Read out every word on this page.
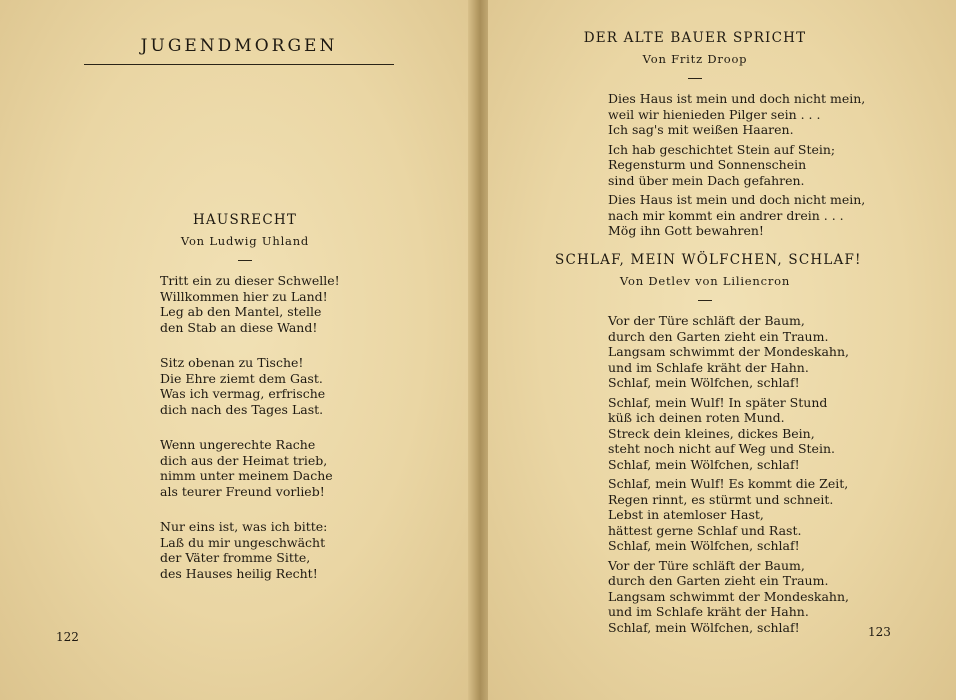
JUGENDMORGEN
HAUSRECHT
Von Ludwig Uhland
Tritt ein zu dieser Schwelle!
Willkommen hier zu Land!
Leg ab den Mantel, stelle
den Stab an diese Wand!
Sitz obenan zu Tische!
Die Ehre ziemt dem Gast.
Was ich vermag, erfrische
dich nach des Tages Last.
Wenn ungerechte Rache
dich aus der Heimat trieb,
nimm unter meinem Dache
als teurer Freund vorlieb!
Nur eins ist, was ich bitte:
Laß du mir ungeschwächt
der Väter fromme Sitte,
des Hauses heilig Recht!
122
DER ALTE BAUER SPRICHT
Von Fritz Droop
Dies Haus ist mein und doch nicht mein,
weil wir hienieden Pilger sein . . .
Ich sag's mit weißen Haaren.
Ich hab geschichtet Stein auf Stein;
Regensturm und Sonnenschein
sind über mein Dach gefahren.
Dies Haus ist mein und doch nicht mein,
nach mir kommt ein andrer drein . . .
Mög ihn Gott bewahren!
SCHLAF, MEIN WÖLFCHEN, SCHLAF!
Von Detlev von Liliencron
Vor der Türe schläft der Baum,
durch den Garten zieht ein Traum.
Langsam schwimmt der Mondeskahn,
und im Schlafe kräht der Hahn.
Schlaf, mein Wölfchen, schlaf!
Schlaf, mein Wulf! In später Stund
küß ich deinen roten Mund.
Streck dein kleines, dickes Bein,
steht noch nicht auf Weg und Stein.
Schlaf, mein Wölfchen, schlaf!
Schlaf, mein Wulf! Es kommt die Zeit,
Regen rinnt, es stürmt und schneit.
Lebst in atemloser Hast,
hättest gerne Schlaf und Rast.
Schlaf, mein Wölfchen, schlaf!
Vor der Türe schläft der Baum,
durch den Garten zieht ein Traum.
Langsam schwimmt der Mondeskahn,
und im Schlafe kräht der Hahn.
Schlaf, mein Wölfchen, schlaf!	123
